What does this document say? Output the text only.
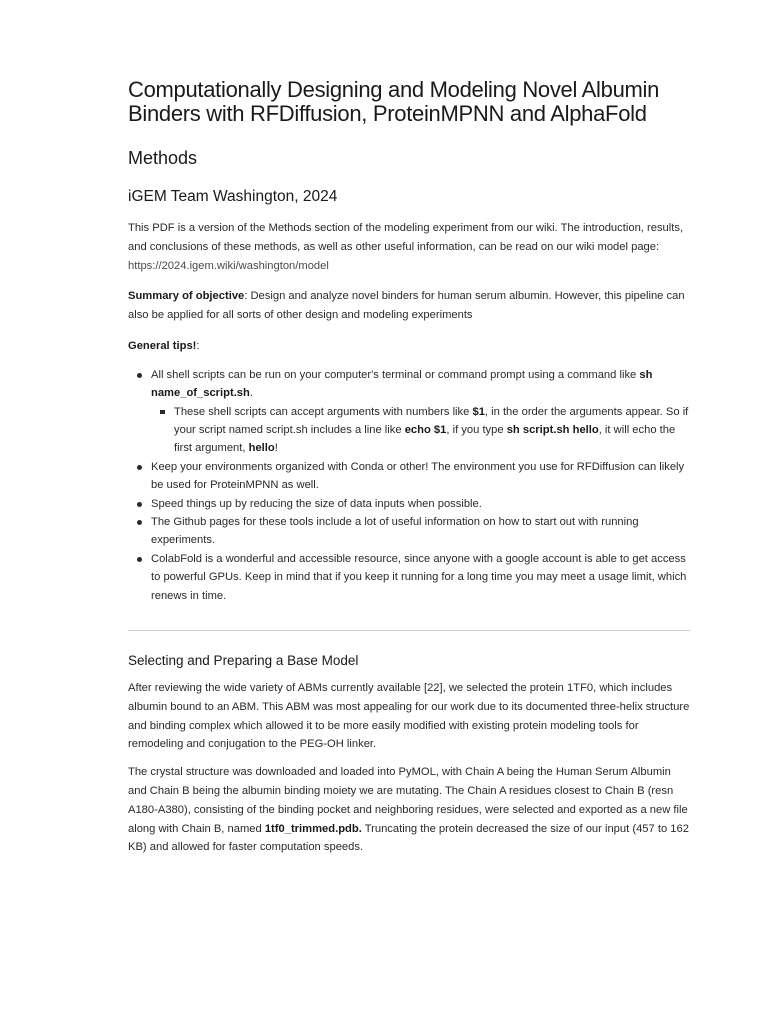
Computationally Designing and Modeling Novel Albumin Binders with RFDiffusion, ProteinMPNN and AlphaFold
Methods
iGEM Team Washington, 2024

This PDF is a version of the Methods section of the modeling experiment from our wiki. The introduction, results, and conclusions of these methods, as well as other useful information, can be read on our wiki model page: https://2024.igem.wiki/washington/model

Summary of objective: Design and analyze novel binders for human serum albumin. However, this pipeline can also be applied for all sorts of other design and modeling experiments

General tips!:

All shell scripts can be run on your computer's terminal or command prompt using a command like sh name_of_script.sh.
These shell scripts can accept arguments with numbers like $1, in the order the arguments appear. So if your script named script.sh includes a line like echo $1, if you type sh script.sh hello, it will echo the first argument, hello!
Keep your environments organized with Conda or other! The environment you use for RFDiffusion can likely be used for ProteinMPNN as well.
Speed things up by reducing the size of data inputs when possible.
The Github pages for these tools include a lot of useful information on how to start out with running experiments.
ColabFold is a wonderful and accessible resource, since anyone with a google account is able to get access to powerful GPUs. Keep in mind that if you keep it running for a long time you may meet a usage limit, which renews in time.
Selecting and Preparing a Base Model

After reviewing the wide variety of ABMs currently available [22], we selected the protein 1TF0, which includes albumin bound to an ABM. This ABM was most appealing for our work due to its documented three-helix structure and binding complex which allowed it to be more easily modified with existing protein modeling tools for remodeling and conjugation to the PEG-OH linker.

The crystal structure was downloaded and loaded into PyMOL, with Chain A being the Human Serum Albumin and Chain B being the albumin binding moiety we are mutating. The Chain A residues closest to Chain B (resn A180-A380), consisting of the binding pocket and neighboring residues, were selected and exported as a new file along with Chain B, named 1tf0_trimmed.pdb. Truncating the protein decreased the size of our input (457 to 162 KB) and allowed for faster computation speeds.
